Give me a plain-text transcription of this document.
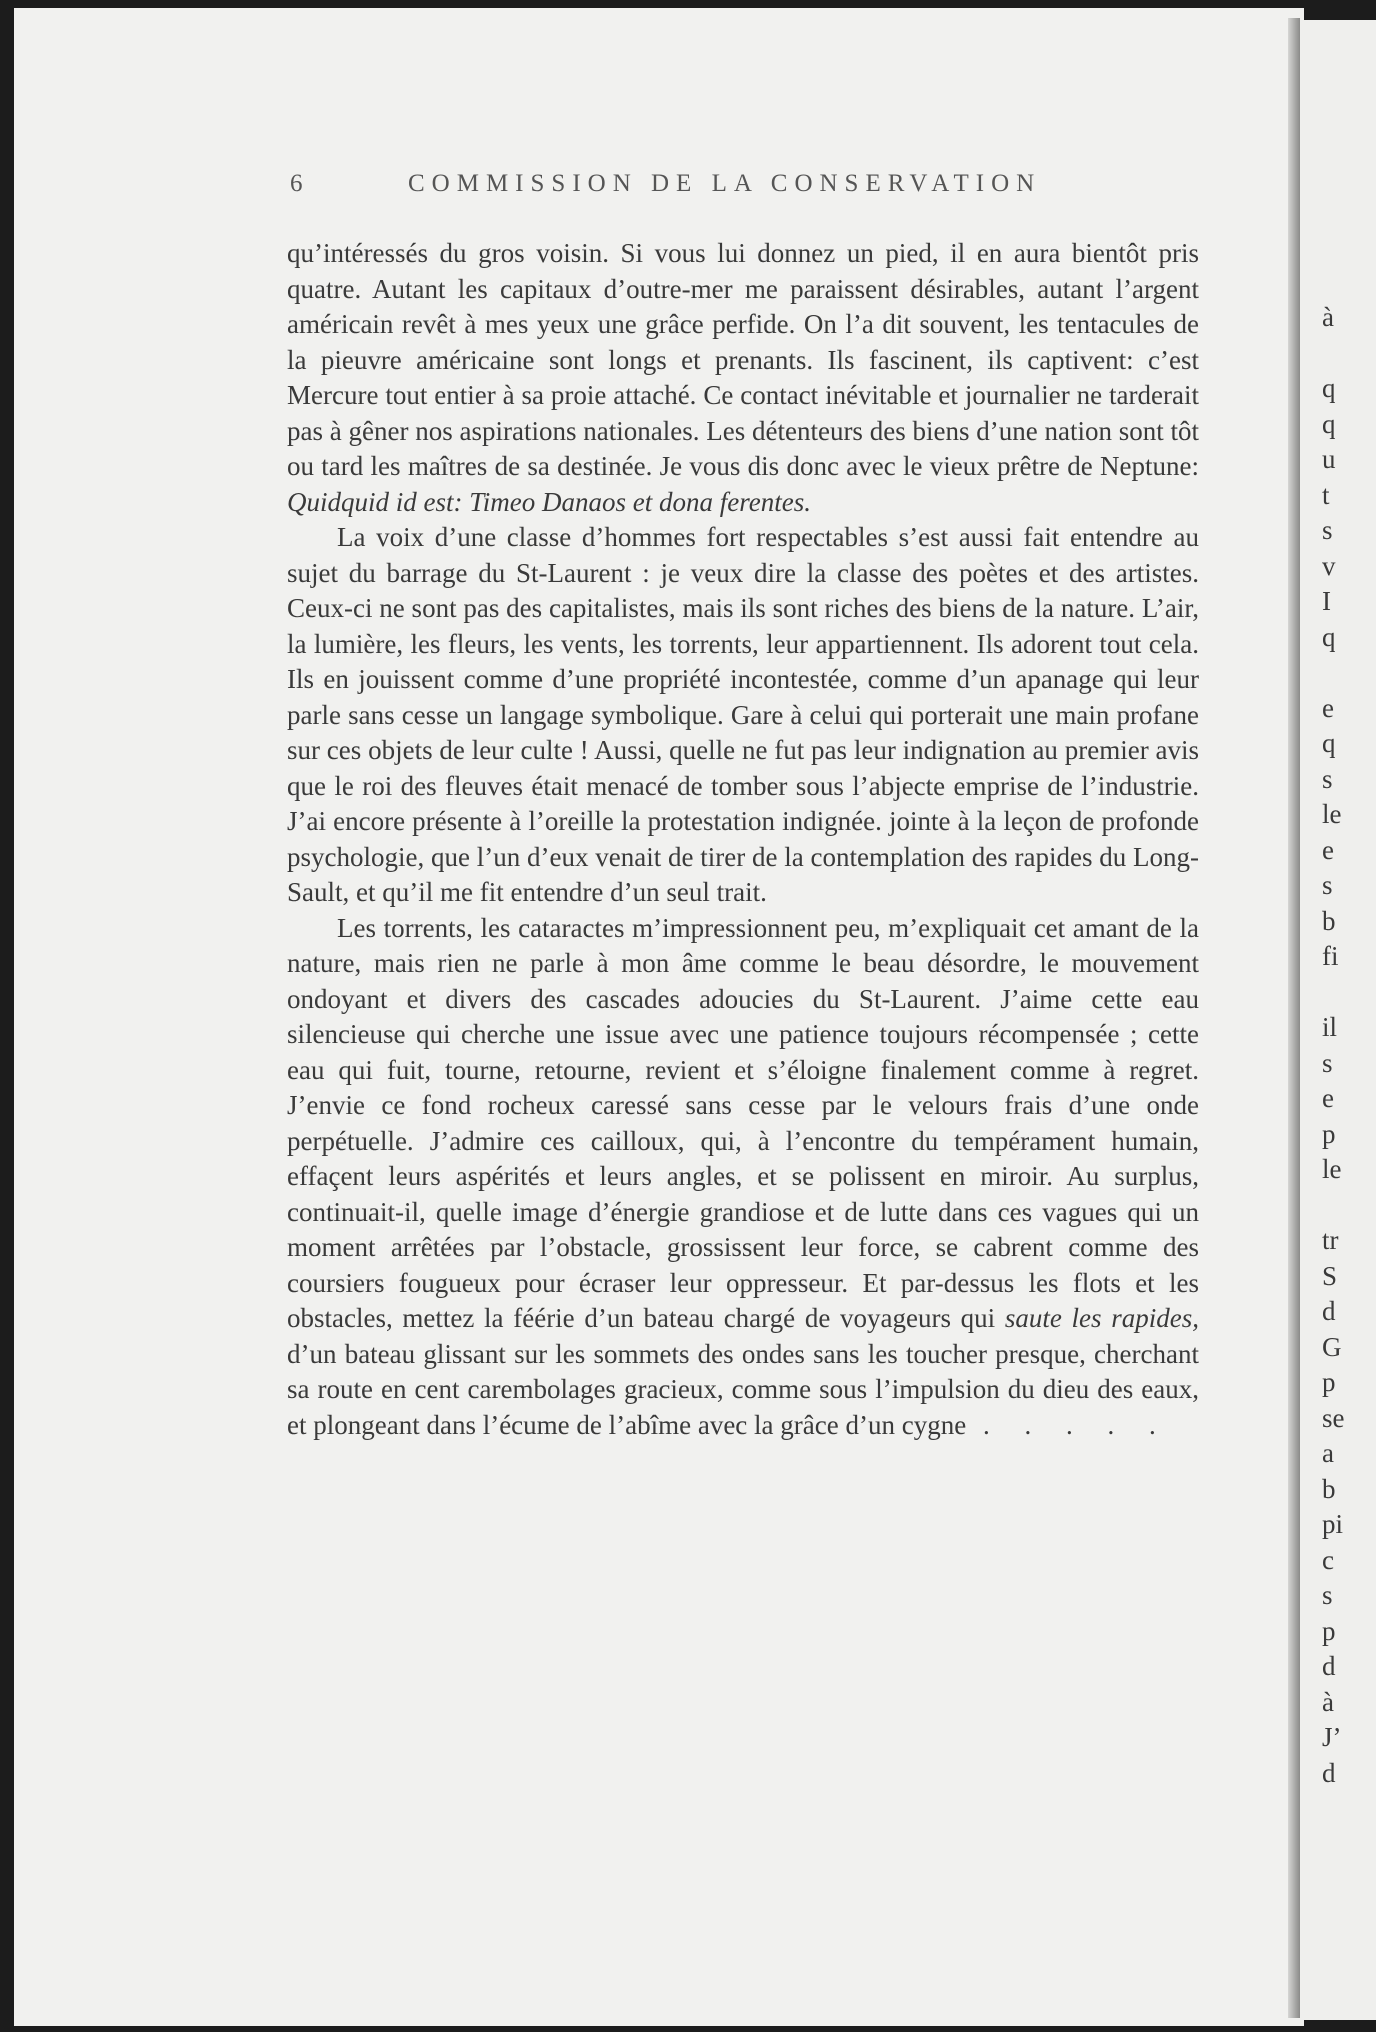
à
q
q
u
t
s
v
I
q
e
q
s
le
e
s
b
fi
il
s
e
p
le
tr
S
d
G
p
se
a
b
pi
c
s
p
d
à
J’
d
6	COMMISSION DE LA CONSERVATION

qu’intéressés du gros voisin. Si vous lui donnez un pied, il en aura bientôt pris quatre. Autant les capitaux d’outre-mer me paraissent désirables, autant l’argent américain revêt à mes yeux une grâce perfide. On l’a dit souvent, les tentacules de la pieuvre américaine sont longs et prenants. Ils fascinent, ils captivent: c’est Mercure tout entier à sa proie attaché. Ce contact inévitable et journalier ne tarderait pas à gêner nos aspirations nationales. Les détenteurs des biens d’une nation sont tôt ou tard les maîtres de sa destinée. Je vous dis donc avec le vieux prêtre de Neptune: Quidquid id est: Timeo Danaos et dona ferentes.

La voix d’une classe d’hommes fort respectables s’est aussi fait entendre au sujet du barrage du St-Laurent : je veux dire la classe des poètes et des artistes. Ceux-ci ne sont pas des capitalistes, mais ils sont riches des biens de la nature. L’air, la lumière, les fleurs, les vents, les torrents, leur appartiennent. Ils adorent tout cela. Ils en jouissent comme d’une propriété incontestée, comme d’un apanage qui leur parle sans cesse un langage symbolique. Gare à celui qui porterait une main profane sur ces objets de leur culte ! Aussi, quelle ne fut pas leur indignation au premier avis que le roi des fleuves était menacé de tomber sous l’abjecte emprise de l’industrie. J’ai encore présente à l’oreille la protestation indignée. jointe à la leçon de profonde psychologie, que l’un d’eux venait de tirer de la contemplation des rapides du Long-Sault, et qu’il me fit entendre d’un seul trait.

Les torrents, les cataractes m’impressionnent peu, m’expliquait cet amant de la nature, mais rien ne parle à mon âme comme le beau désordre, le mouvement ondoyant et divers des cascades adoucies du St-Laurent. J’aime cette eau silencieuse qui cherche une issue avec une patience toujours récompensée ; cette eau qui fuit, tourne, retourne, revient et s’éloigne finalement comme à regret. J’envie ce fond rocheux caressé sans cesse par le velours frais d’une onde perpétuelle. J’admire ces cailloux, qui, à l’encontre du tempérament humain, effaçent leurs aspérités et leurs angles, et se polissent en miroir. Au surplus, continuait-il, quelle image d’énergie grandiose et de lutte dans ces vagues qui un moment arrêtées par l’obstacle, grossissent leur force, se cabrent comme des coursiers fougueux pour écraser leur oppresseur. Et par-dessus les flots et les obstacles, mettez la féérie d’un bateau chargé de voyageurs qui saute les rapides, d’un bateau glissant sur les sommets des ondes sans les toucher presque, cherchant sa route en cent carembolages gracieux, comme sous l’impulsion du dieu des eaux, et plongeant dans l’écume de l’abîme avec la grâce d’un cygne . . . . .
